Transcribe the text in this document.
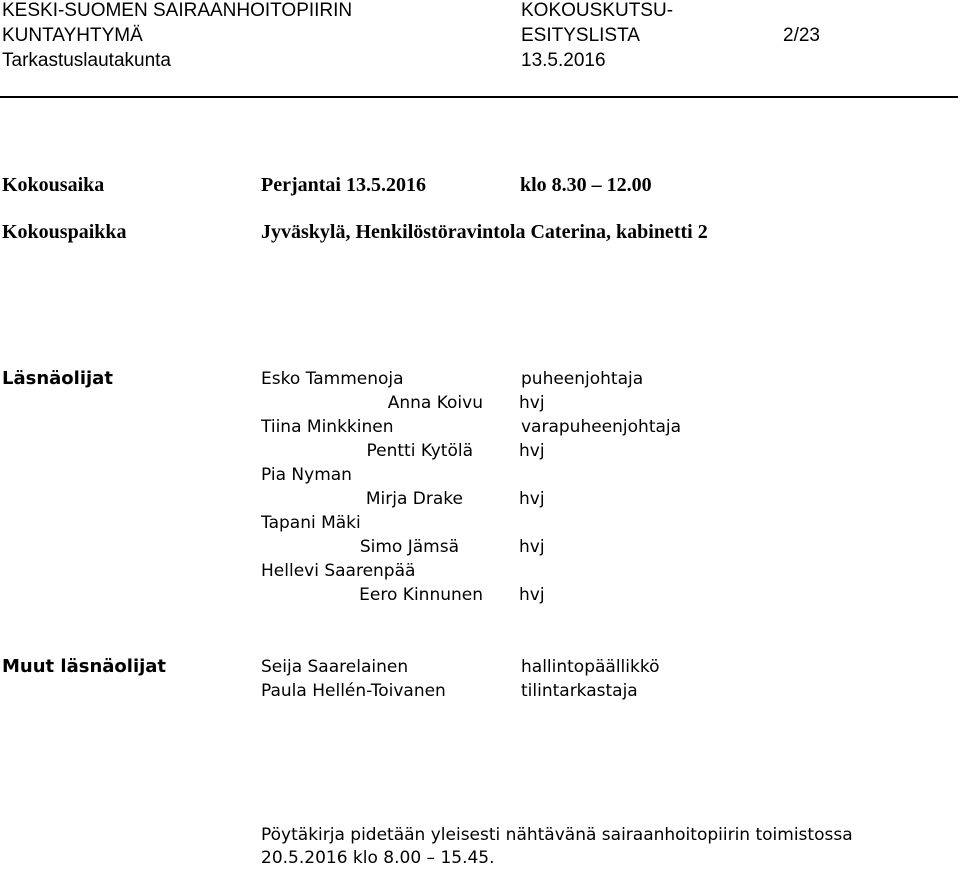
KESKI-SUOMEN SAIRAANHOITOPIIRIN
KUNTAYHTYMÄ
Tarkastuslautakunta
KOKOUSKUTSU-
ESITYSLISTA
13.5.2016
2/23
Kokousaika	Perjantai 13.5.2016	klo 8.30 – 12.00
Kokouspaikka	Jyväskylä, Henkilöstöravintola Caterina, kabinetti 2
Läsnäolijat	Esko Tammenoja	puheenjohtaja
Anna Koivu hvj
Tiina Minkkinen	varapuheenjohtaja
Pentti Kytölä	hvj
Pia Nyman
Mirja Drake	hvj
Tapani Mäki
Simo Jämsä	hvj
Hellevi Saarenpää
Eero Kinnunen hvj
Muut läsnäolijat	Seija Saarelainen	hallintopäällikkö
Paula Hellén-Toivanen	tilintarkastaja
Pöytäkirja pidetään yleisesti nähtävänä sairaanhoitopiirin toimistossa
20.5.2016 klo 8.00 – 15.45.
